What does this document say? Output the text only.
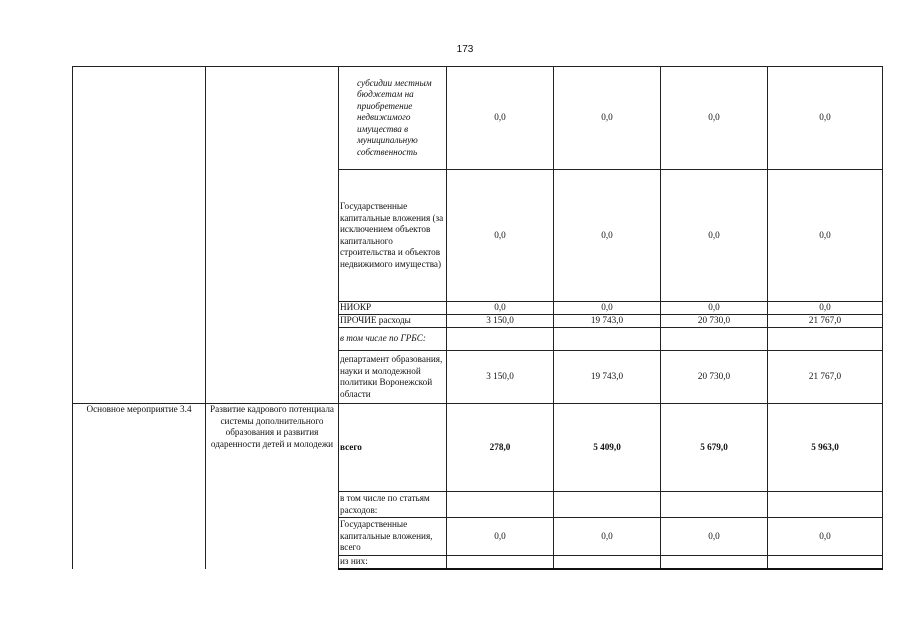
173
		субсидии местным бюджетам на приобретение недвижимого имущества в муниципальную собственность	0,0	0,0	0,0	0,0
		Государственные капитальные вложения (за исключением объектов капитального строительства и объектов недвижимого имущества)	0,0	0,0	0,0	0,0
		НИОКР	0,0	0,0	0,0	0,0
		ПРОЧИЕ расходы	3 150,0	19 743,0	20 730,0	21 767,0
		в том числе по ГРБС:				
		департамент образования, науки и молодежной политики Воронежской области	3 150,0	19 743,0	20 730,0	21 767,0
Основное мероприятие 3.4	Развитие кадрового потенциала системы дополнительного образования и развития одаренности детей и молодежи	всего	278,0	5 409,0	5 679,0	5 963,0
		в том числе по статьям расходов:				
		Государственные капитальные вложения, всего	0,0	0,0	0,0	0,0
		из них:				
